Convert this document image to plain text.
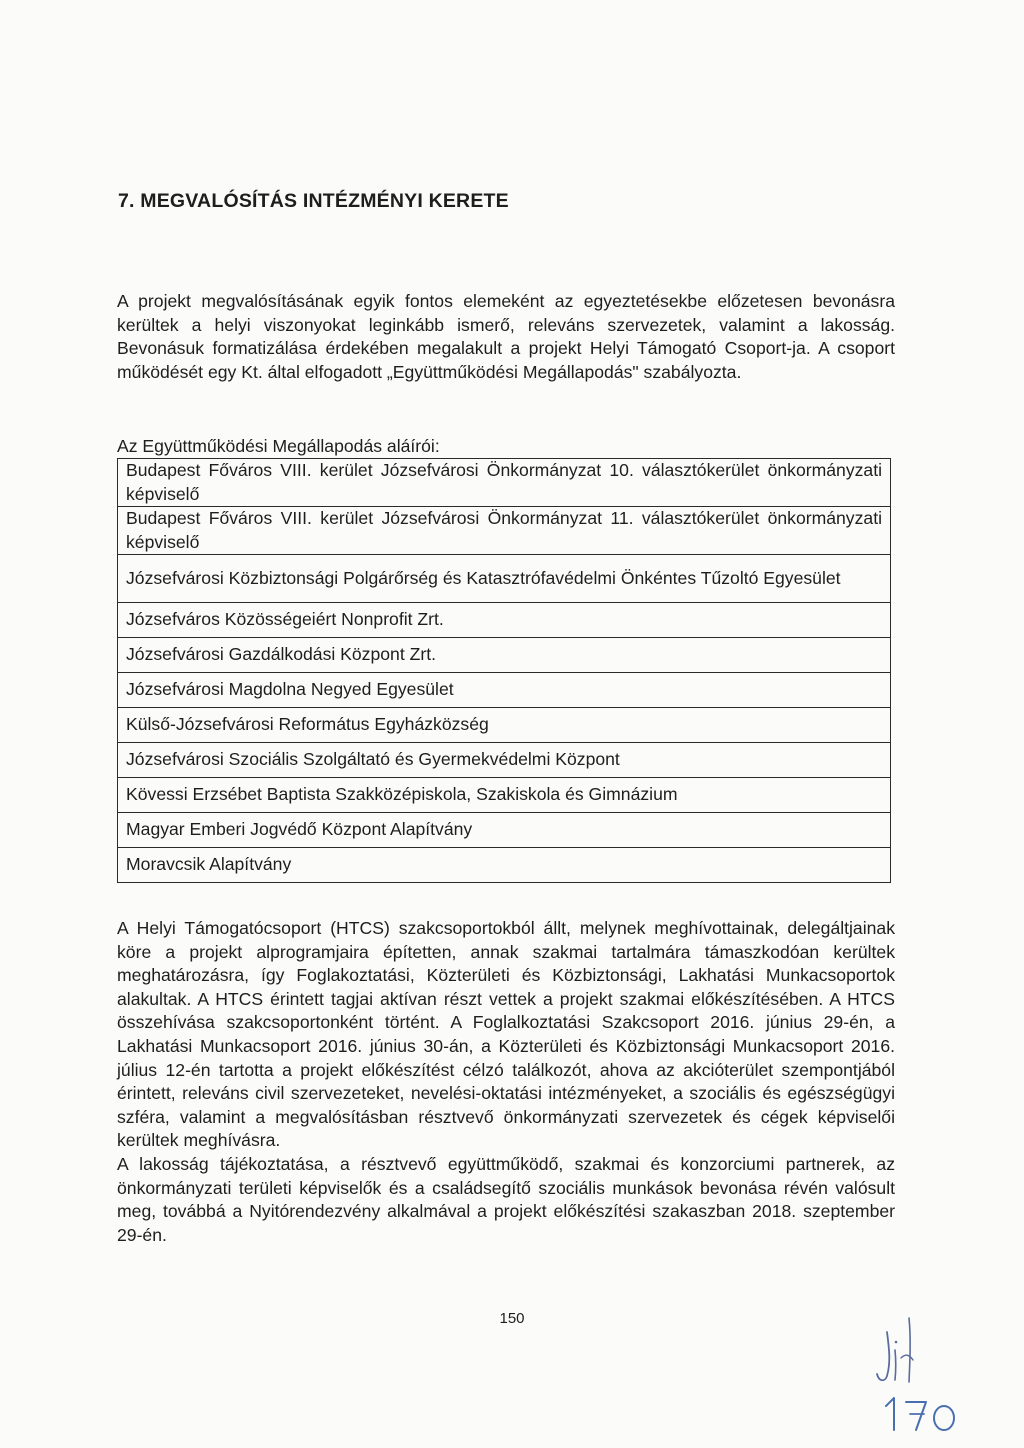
7. MEGVALÓSÍTÁS INTÉZMÉNYI KERETE

A projekt megvalósításának egyik fontos elemeként az egyeztetésekbe előzetesen bevonásra kerültek a helyi viszonyokat leginkább ismerő, releváns szervezetek, valamint a lakosság. Bevonásuk formatizálása érdekében megalakult a projekt Helyi Támogató Csoport-ja. A csoport működését egy Kt. által elfogadott „Együttműködési Megállapodás" szabályozta.

Az Együttműködési Megállapodás aláírói:
Budapest Főváros VIII. kerület Józsefvárosi Önkormányzat 10. választókerület önkormányzati képviselő
Budapest Főváros VIII. kerület Józsefvárosi Önkormányzat 11. választókerület önkormányzati képviselő
Józsefvárosi Közbiztonsági Polgárőrség és Katasztrófavédelmi Önkéntes Tűzoltó Egyesület
Józsefváros Közösségeiért Nonprofit Zrt.
Józsefvárosi Gazdálkodási Központ Zrt.
Józsefvárosi Magdolna Negyed Egyesület
Külső-Józsefvárosi Református Egyházközség
Józsefvárosi Szociális Szolgáltató és Gyermekvédelmi Központ
Kövessi Erzsébet Baptista Szakközépiskola, Szakiskola és Gimnázium
Magyar Emberi Jogvédő Központ Alapítvány
Moravcsik Alapítvány

A Helyi Támogatócsoport (HTCS) szakcsoportokból állt, melynek meghívottainak, delegáltjainak köre a projekt alprogramjaira építetten, annak szakmai tartalmára támaszkodóan kerültek meghatározásra, így Foglakoztatási, Közterületi és Közbiztonsági, Lakhatási Munkacsoportok alakultak. A HTCS érintett tagjai aktívan részt vettek a projekt szakmai előkészítésében. A HTCS összehívása szakcsoportonként történt. A Foglalkoztatási Szakcsoport 2016. június 29-én, a Lakhatási Munkacsoport 2016. június 30-án, a Közterületi és Közbiztonsági Munkacsoport 2016. július 12-én tartotta a projekt előkészítést célzó találkozót, ahova az akcióterület szempontjából érintett, releváns civil szervezeteket, nevelési-oktatási intézményeket, a szociális és egészségügyi szféra, valamint a megvalósításban résztvevő önkormányzati szervezetek és cégek képviselői kerültek meghívásra.

A lakosság tájékoztatása, a résztvevő együttműködő, szakmai és konzorciumi partnerek, az önkormányzati területi képviselők és a családsegítő szociális munkások bevonása révén valósult meg, továbbá a Nyitórendezvény alkalmával a projekt előkészítési szakaszban 2018. szeptember 29-én.

150
